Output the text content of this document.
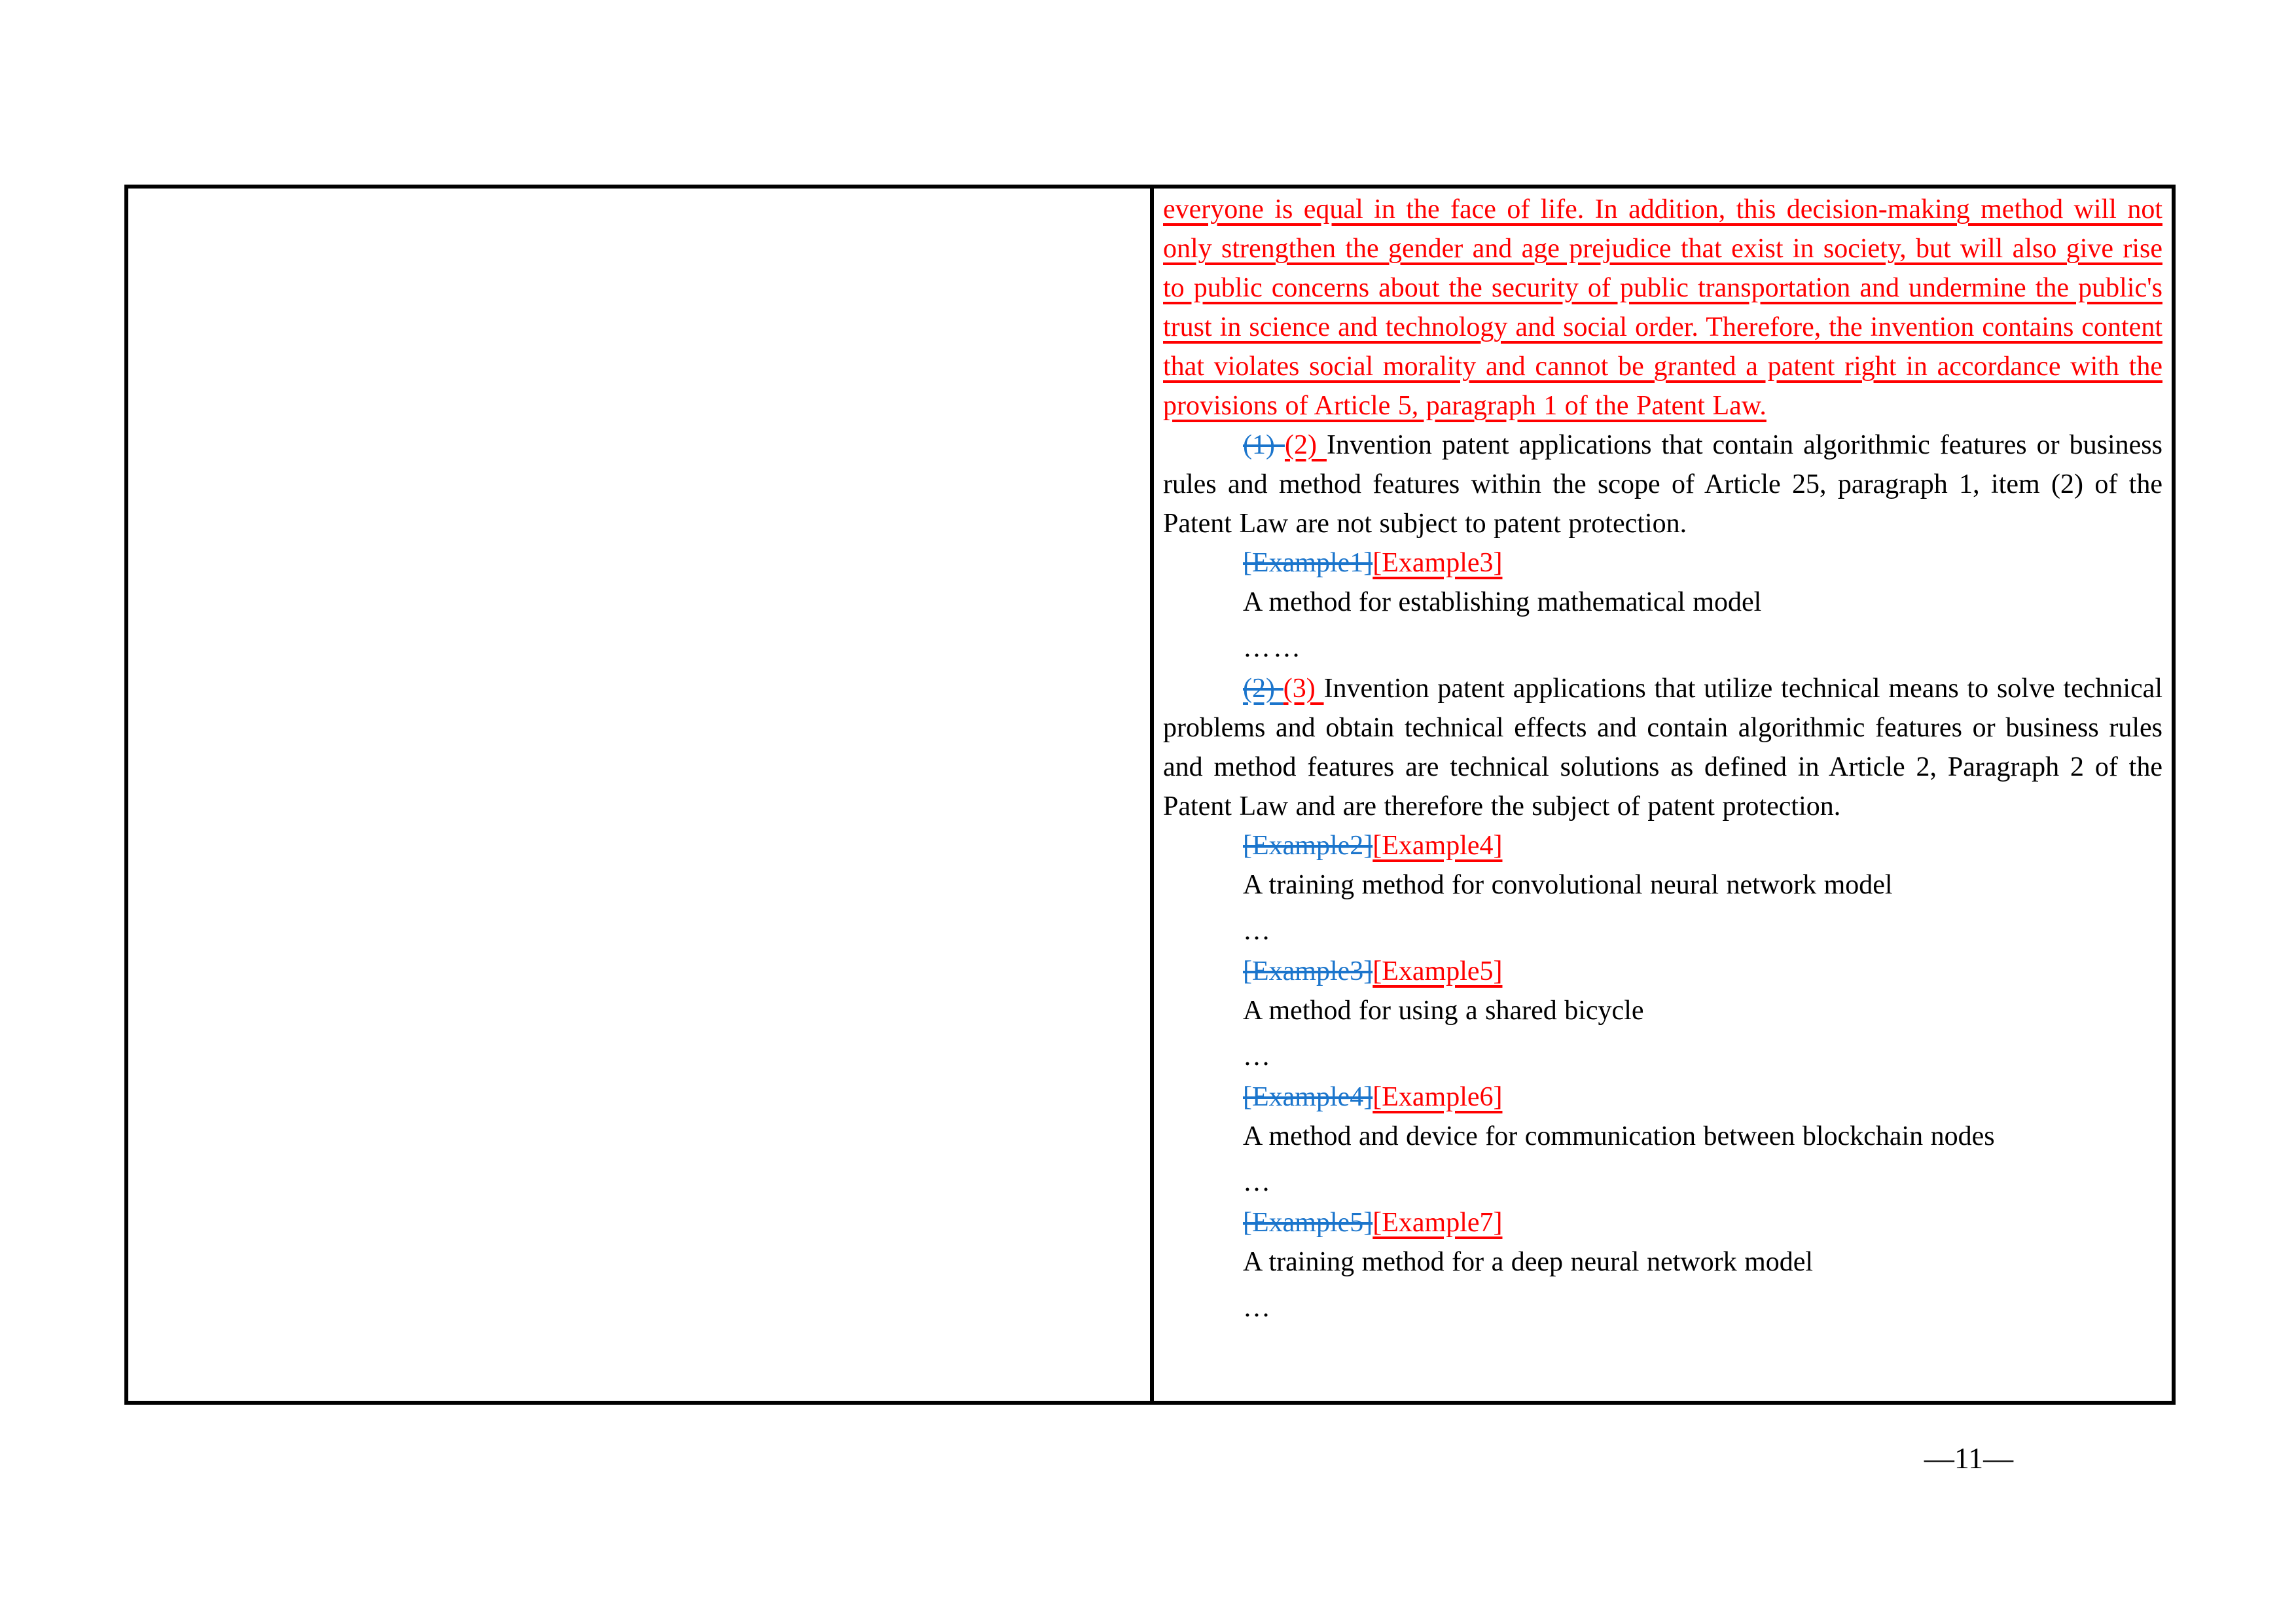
everyone is equal in the face of life. In addition, this decision-making method will not only strengthen the gender and age prejudice that exist in society, but will also give rise to public concerns about the security of public transportation and undermine the public's trust in science and technology and social order. Therefore, the invention contains content that violates social morality and cannot be granted a patent right in accordance with the provisions of Article 5, paragraph 1 of the Patent Law.

(1) (2) Invention patent applications that contain algorithmic features or business rules and method features within the scope of Article 25, paragraph 1, item (2) of the Patent Law are not subject to patent protection.

[Example1][Example3]

A method for establishing mathematical model

……

(2) (3) Invention patent applications that utilize technical means to solve technical problems and obtain technical effects and contain algorithmic features or business rules and method features are technical solutions as defined in Article 2, Paragraph 2 of the Patent Law and are therefore the subject of patent protection.

[Example2][Example4]

A training method for convolutional neural network model

…

[Example3][Example5]

A method for using a shared bicycle

…

[Example4][Example6]

A method and device for communication between blockchain nodes

…

[Example5][Example7]

A training method for a deep neural network model

…

—11—
